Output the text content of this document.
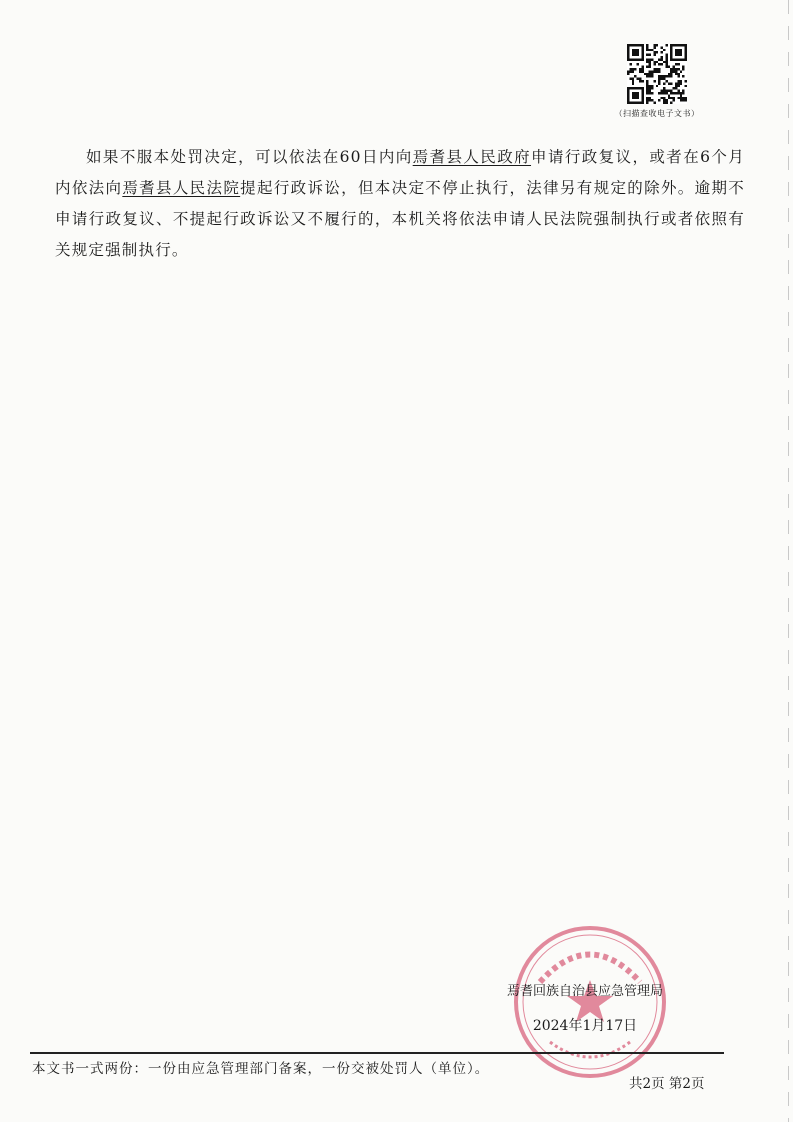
（扫描查收电子文书）

如果不服本处罚决定，可以依法在60日内向焉耆县人民政府申请行政复议，或者在6个月内依法向焉耆县人民法院提起行政诉讼，但本决定不停止执行，法律另有规定的除外。逾期不申请行政复议、不提起行政诉讼又不履行的，本机关将依法申请人民法院强制执行或者依照有关规定强制执行。

焉耆回族自治县应急管理局
2024年1月17日
本文书一式两份：一份由应急管理部门备案，一份交被处罚人（单位）。
共2页 第2页
